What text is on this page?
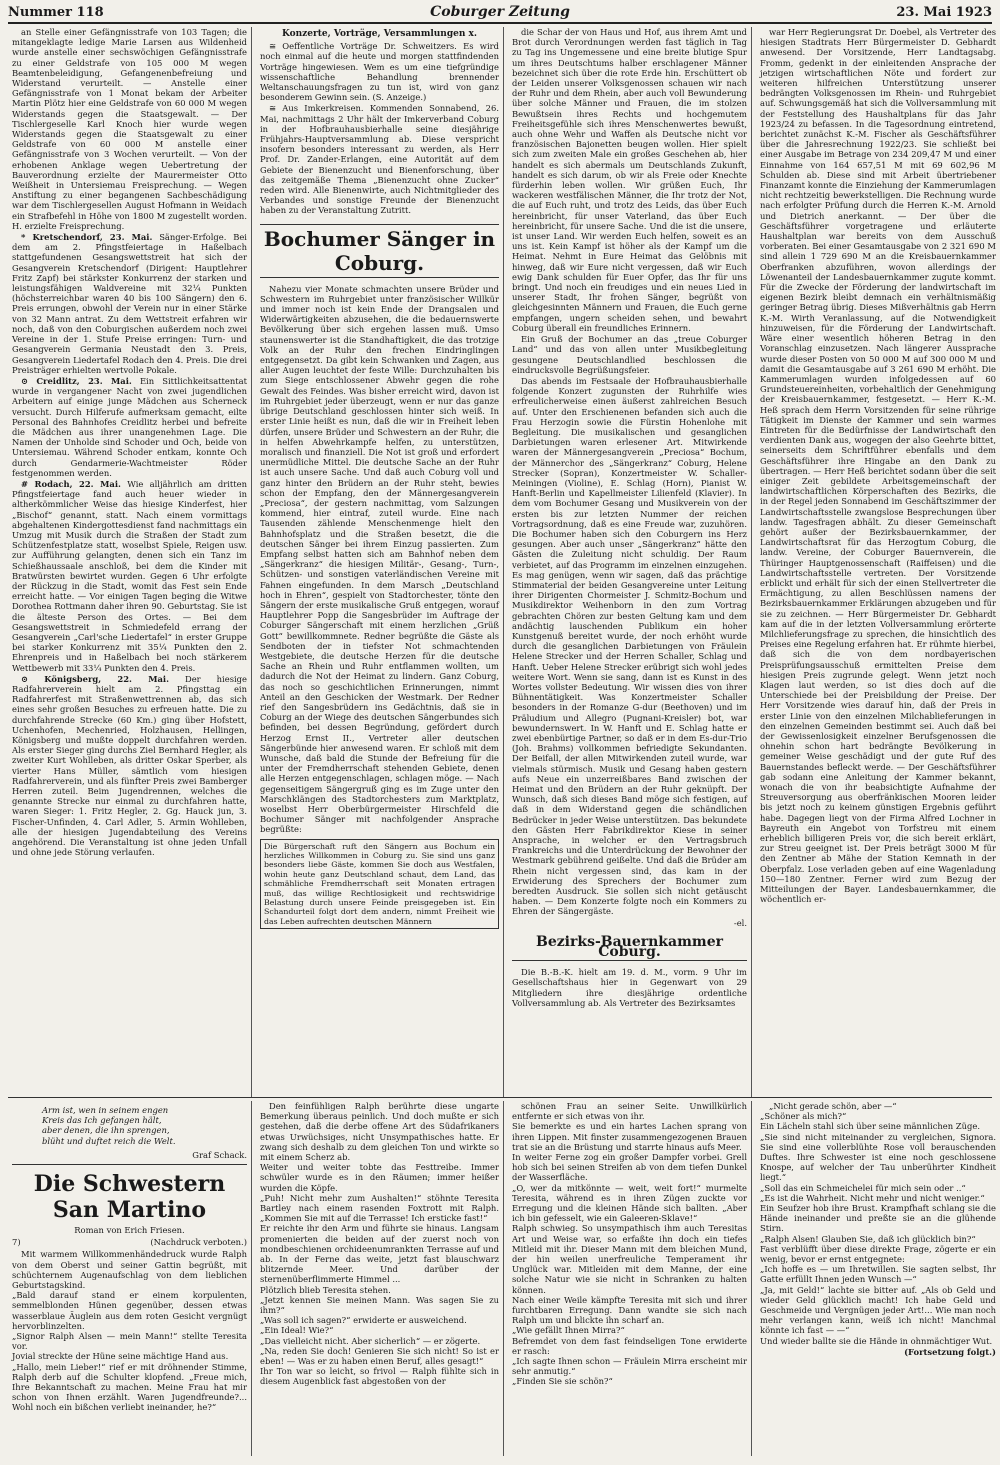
Nummer 118	Coburger Zeitung	23. Mai 1923

an Stelle einer Gefängnisstrafe von 103 Tagen; die mitangeklagte ledige Marie Larsen aus Wildenheid wurde anstelle einer sechswöchigen Gefängnisstrafe zu einer Geldstrafe von 105 000 M wegen Beamtenbeleidigung, Gefangenenbefreiung und Widerstand verurteilt. — Anstelle einer Gefängnisstrafe von 1 Monat bekam der Arbeiter Martin Plötz hier eine Geldstrafe von 60 000 M wegen Widerstands gegen die Staatsgewalt. — Der Tischlergeselle Karl Knoch hier wurde wegen Widerstands gegen die Staatsgewalt zu einer Geldstrafe von 60 000 M anstelle einer Gefängnisstrafe von 3 Wochen verurteilt. — Von der erhobenen Anklage wegen Uebertretung der Bauverordnung erzielte der Maurermeister Otto Weißheit in Untersiemau Freisprechung. — Wegen Anstiftung zu einer begangenen Sachbeschädigung war dem Tischlergesellen August Hofmann in Weidach ein Strafbefehl in Höhe von 1800 M zugestellt worden. H. erzielte Freisprechung.

* Kretschendorf, 23. Mai. Sänger-Erfolge. Bei dem am 2. Pfingstfeiertage in Haßelbach stattgefundenen Gesangswettstreit hat sich der Gesangverein Kretschendorf (Dirigent: Hauptlehrer Fritz Zapf) bei stärkster Konkurrenz der starken und leistungsfähigen Waldvereine mit 32¼ Punkten (höchsterreichbar waren 40 bis 100 Sängern) den 6. Preis errungen, obwohl der Verein nur in einer Stärke von 32 Mann antrat. Zu dem Wettstreit erfahren wir noch, daß von den Coburgischen außerdem noch zwei Vereine in der 1. Stufe Preise erringen: Turn- und Gesangverein Germania Neustadt den 3. Preis, Gesangverein Liedertafel Rodach den 4. Preis. Die drei Preisträger erhielten wertvolle Pokale.

⊙ Creidlitz, 23. Mai. Ein Sittlichkeitsattentat wurde in vergangener Nacht von zwei jugendlichen Arbeitern auf einige junge Mädchen aus Scherneck versucht. Durch Hilferufe aufmerksam gemacht, eilte Personal des Bahnhofes Creidlitz herbei und befreite die Mädchen aus ihrer unangenehmen Lage. Die Namen der Unholde sind Schoder und Och, beide von Untersiemau. Während Schoder entkam, konnte Och durch Gendarmerie-Wachtmeister Röder festgenommen werden.

# Rodach, 22. Mai. Wie alljährlich am dritten Pfingstfeiertage fand auch heuer wieder in altherkömmlicher Weise das hiesige Kinderfest, hier „Bischof“ genannt, statt. Nach einem vormittags abgehaltenen Kindergottesdienst fand nachmittags ein Umzug mit Musik durch die Straßen der Stadt zum Schützenfestplatze statt, woselbst Spiele, Reigen usw. zur Aufführung gelangten, denen sich ein Tanz im Schießhaussaale anschloß, bei dem die Kinder mit Bratwürsten bewirtet wurden. Gegen 6 Uhr erfolgte der Rückzug in die Stadt, womit das Fest sein Ende erreicht hatte. — Vor einigen Tagen beging die Witwe Dorothea Rottmann daher ihren 90. Geburtstag. Sie ist die älteste Person des Ortes. — Bei dem Gesangswettstreit in Schmiedefeld errang der Gesangverein „Carl'sche Liedertafel“ in erster Gruppe bei starker Konkurrenz mit 35¼ Punkten den 2. Ehrenpreis und in Haßelbach bei noch stärkerem Wettbewerb mit 33¼ Punkten den 4. Preis.

⊙ Königsberg, 22. Mai. Der hiesige Radfahrerverein hielt am 2. Pfingsttag ein Radfahrerfest mit Straßenwettrennen ab, das sich eines sehr großen Besuches zu erfreuen hatte. Die zu durchfahrende Strecke (60 Km.) ging über Hofstett, Uchenhofen, Mechenried, Holzhausen, Hellingen, Königsberg und mußte doppelt durchfahren werden. Als erster Sieger ging durchs Ziel Bernhard Hegler, als zweiter Kurt Wohlleben, als dritter Oskar Sperber, als vierter Hans Müller, sämtlich vom hiesigen Radfahrerverein, und als fünfter Preis zwei Bamberger Herren zuteil. Beim Jugendrennen, welches die genannte Strecke nur einmal zu durchfahren hatte, waren Sieger: 1. Fritz Hegler, 2. Gg. Hauck jun, 3. Fischer-Unfinden, 4. Carl Adler, 5. Armin Wohlleben, alle der hiesigen Jugendabteilung des Vereins angehörend. Die Veranstaltung ist ohne jeden Unfall und ohne jede Störung verlaufen.

Konzerte, Vorträge, Versammlungen x.

≅ Oeffentliche Vorträge Dr. Schweitzers. Es wird noch einmal auf die heute und morgen stattfindenden Vorträge hingewiesen. Wem es um eine tiefgründige wissenschaftliche Behandlung brennender Weltanschauungsfragen zu tun ist, wird von ganz besonderem Gewinn sein. (S. Anzeige.)

≅ Aus Imkerkreisen. Kommenden Sonnabend, 26. Mai, nachmittags 2 Uhr hält der Imkerverband Coburg in der Hofbrauhausbierhalle seine diesjährige Frühjahrs-Hauptversammlung ab. Diese verspricht insofern besonders interessant zu werden, als Herr Prof. Dr. Zander-Erlangen, eine Autorität auf dem Gebiete der Bienenzucht und Bienenforschung, über das zeitgemäße Thema „Bienenzucht ohne Zucker“ reden wird. Alle Bienenwirte, auch Nichtmitglieder des Verbandes und sonstige Freunde der Bienenzucht haben zu der Veranstaltung Zutritt.

Bochumer Sänger in Coburg.

Nahezu vier Monate schmachten unsere Brüder und Schwestern im Ruhrgebiet unter französischer Willkür und immer noch ist kein Ende der Drangsalen und Widerwärtigkeiten abzusehen, die die bedauernswerte Bevölkerung über sich ergehen lassen muß. Umso staunenswerter ist die Standhaftigkeit, die das trotzige Volk an der Ruhr den frechen Eindringlingen entgegensetzt. Da gibt kein Schwanken und Zagen, aus aller Augen leuchtet der feste Wille: Durchzuhalten bis zum Siege entschlossener Abwehr gegen die rohe Gewalt des Feindes. Was bisher erreicht wird, davon ist im Ruhrgebiet jeder überzeugt, wenn er nur das ganze übrige Deutschland geschlossen hinter sich weiß. In erster Linie heißt es nun, daß die wir in Freiheit leben dürfen, unsere Brüder und Schwestern an der Ruhr, die in helfen Abwehrkampfe helfen, zu unterstützen, moralisch und finanziell. Die Not ist groß und erfordert unermüdliche Mittel. Die deutsche Sache an der Ruhr ist auch unsere Sache. Und daß auch Coburg voll und ganz hinter den Brüdern an der Ruhr steht, bewies schon der Empfang, den der Männergesangverein „Preciosa“, der gestern nachmittag, vom Salzungen kommend, hier eintraf, zuteil wurde. Eine nach Tausenden zählende Menschenmenge hielt den Bahnhofsplatz und die Straßen besetzt, die die deutschen Sänger bei ihrem Einzug passierten. Zum Empfang selbst hatten sich am Bahnhof neben dem „Sängerkranz“ die hiesigen Militär-, Gesang-, Turn-, Schützen- und sonstigen vaterländischen Vereine mit Fahnen eingefunden. In dem Marsch „Deutschland hoch in Ehren“, gespielt von Stadtorchester, tönte den Sängern der erste musikalische Gruß entgegen, worauf Hauptlehrer Popp die Sangesbrüder im Auftrage der Coburger Sängerschaft mit einem herzlichen „Grüß Gott“ bewillkommnete. Redner begrüßte die Gäste als Sendboten der in tiefster Not schmachtenden Westgebiete, die deutsche Herzen für die deutsche Sache an Rhein und Ruhr entflammen wollten, um dadurch die Not der Heimat zu lindern. Ganz Coburg, das noch so geschichtlichen Erinnerungen, nimmt Anteil an den Geschicken der Westmark. Der Redner rief den Sangesbrüdern ins Gedächtnis, daß sie in Coburg an der Wiege des deutschen Sängerbundes sich befinden, bei dessen Begründung, gefördert durch Herzog Ernst II., Vertreter aller deutschen Sängerbünde hier anwesend waren. Er schloß mit dem Wunsche, daß bald die Stunde der Befreiung für die unter der Fremdherrschaft stehenden Gebiete, denen alle Herzen entgegenschlagen, schlagen möge. — Nach gegenseitigem Sängergruß ging es im Zuge unter den Marschklängen des Stadtorchesters zum Marktplatz, woselbst Herr Oberbürgermeister Hirschfeld die Bochumer Sänger mit nachfolgender Ansprache begrüßte:

Die Bürgerschaft ruft den Sängern aus Bochum ein herzliches Willkommen in Coburg zu. Sie sind uns ganz besonders liebe Gäste, kommen Sie doch aus Westfalen, wohin heute ganz Deutschland schaut, dem Land, das schmähliche Fremdherrschaft seit Monaten ertragen muß, das willige Rechtlosigkeit und rechtswidrige Belastung durch unsere Feinde preisgegeben ist. Ein Schandurteil folgt dort dem andern, nimmt Freiheit wie das Leben aufrechten deutschen Männern

die Schar der von Haus und Hof, aus ihrem Amt und Brot durch Verordnungen werden fast täglich in Tag zu Tag ins Ungemessene und eine breite blutige Spur um ihres Deutschtums halber erschlagener Männer bezeichnet sich über die rote Erde hin. Erschüttert ob der Leiden unserer Volksgenossen schauen wir nach der Ruhr und dem Rhein, aber auch voll Bewunderung über solche Männer und Frauen, die im stolzen Bewußtsein ihres Rechts und hochgemutem Freiheitsgefühle sich ihres Menschenwertes bewußt, auch ohne Wehr und Waffen als Deutsche nicht vor französischen Bajonetten beugen wollen. Hier spielt sich zum zweiten Male ein großes Geschehen ab, hier handelt es sich abermals um Deutschlands Zukunft, handelt es sich darum, ob wir als Freie oder Knechte fürderhin leben wollen. Wir grüßen Euch, Ihr wackeren westfälischen Männer, die Ihr trotz der Not, die auf Euch ruht, und trotz des Leids, das über Euch hereinbricht, für unser Vaterland, das über Euch hereinbricht, für unsere Sache. Und die ist die unsere, ist unser Land. Wir werden Euch helfen, soweit es an uns ist. Kein Kampf ist höher als der Kampf um die Heimat. Nehmt in Eure Heimat das Gelöbnis mit hinweg, daß wir Eure nicht vergessen, daß wir Euch ewig Dank schulden für Euer Opfer, das Ihr für uns bringt. Und noch ein freudiges und ein neues Lied in unserer Stadt, Ihr frohen Sänger, begrüßt von gleichgesinnten Männern und Frauen, die Euch gerne empfangen, ungern scheiden sehen, und bewahrt Coburg überall ein freundliches Erinnern.

Ein Gruß der Bochumer an das „treue Coburger Land“ und das von allen unter Musikbegleitung gesungene Deutschlandlied beschlossen die eindrucksvolle Begrüßungsfeier.

Das abends im Festsaale der Hofbrauhausbierhalle folgende Konzert zugunsten der Ruhrhilfe wies erfreulicherweise einen äußerst zahlreichen Besuch auf. Unter den Erschienenen befanden sich auch die Frau Herzogin sowie die Fürstin Hohenlohe mit Begleitung. Die musikalischen und gesanglichen Darbietungen waren erlesener Art. Mitwirkende waren der Männergesangverein „Preciosa“ Bochum, der Männerchor des „Sängerkranz“ Coburg, Helene Strecker (Sopran), Konzertmeister W. Schaller-Meiningen (Violine), E. Schlag (Horn), Pianist W. Hanft-Berlin und Kapellmeister Lilienfeld (Klavier). In dem vom Bochumer Gesang und Musikverein von der ersten bis zur letzten Nummer der reichen Vortragsordnung, daß es eine Freude war, zuzuhören. Die Bochumer haben sich den Coburgern ins Herz gesungen. Aber auch unser „Sängerkranz“ hätte den Gästen die Zuleitung nicht schuldig. Der Raum verbietet, auf das Programm im einzelnen einzugehen. Es mag genügen, wenn wir sagen, daß das prächtige Stimmaterial der beiden Gesangvereine unter Leitung ihrer Dirigenten Chormeister J. Schmitz-Bochum und Musikdirektor Weihenborn in den zum Vortrag gebrachten Chören zur besten Geltung kam und dem andächtig lauschenden Publikum ein hoher Kunstgenuß bereitet wurde, der noch erhöht wurde durch die gesanglichen Darbietungen von Fräulein Helene Strecker und der Herren Schaller, Schlag und Hanft. Ueber Helene Strecker erübrigt sich wohl jedes weitere Wort. Wenn sie sang, dann ist es Kunst in des Wortes vollster Bedeutung. Wir wissen dies von ihrer Bühnentätigkeit. Was Konzertmeister Schaller besonders in der Romanze G-dur (Beethoven) und im Präludium und Allegro (Pugnani-Kreisler) bot, war bewundernswert. In W. Hanft und E. Schlag hatte er zwei ebenbürtige Partner, so daß er in dem Es-dur-Trio (Joh. Brahms) vollkommen befriedigte Sekundanten. Der Beifall, der allen Mitwirkenden zuteil wurde, war vielmals stürmisch. Musik und Gesang haben gestern aufs Neue ein unzerreißbares Band zwischen der Heimat und den Brüdern an der Ruhr geknüpft. Der Wunsch, daß sich dieses Band möge sich festigen, auf daß in dem Widerstand gegen die schändlichen Bedrücker in jeder Weise unterstützen. Das bekundete den Gästen Herr Fabrikdirektor Kiese in seiner Ansprache, in welcher er den Vertragsbruch Frankreichs und die Unterdrückung der Bewohner der Westmark gebührend geißelte. Und daß die Brüder am Rhein nicht vergessen sind, das kam in der Erwiderung des Sprechers der Bochumer zum beredten Ausdruck. Sie sollen sich nicht getäuscht haben. — Dem Konzerte folgte noch ein Kommers zu Ehren der Sängergäste.

-el.
Bezirks-Bauernkammer Coburg.

Die B.-B.-K. hielt am 19. d. M., vorm. 9 Uhr im Gesellschaftshaus hier in Gegenwart von 29 Mitgliedern ihre diesjährige ordentliche Vollversammlung ab. Als Vertreter des Bezirksamtes

war Herr Regierungsrat Dr. Doebel, als Vertreter des hiesigen Stadtrats Herr Bürgermeister D. Gebhardt anwesend. Der Vorsitzende, Herr Landtagsabg. Fromm, gedenkt in der einleitenden Ansprache der jetzigen wirtschaftlichen Nöte und fordert zur weiteren hilfreichen Unterstützung unserer bedrängten Volksgenossen im Rhein- und Ruhrgebiet auf. Schwungsgemäß hat sich die Vollversammlung mit der Feststellung des Haushaltplans für das Jahr 1923/24 zu befassen. In die Tagesordnung eintretend, berichtet zunächst K.-M. Fischer als Geschäftsführer über die Jahresrechnung 1922/23. Sie schließt bei einer Ausgabe im Betrage von 234 209,47 M und einer Einnahme von 164 657,51 M mit 69 602,96 M Schulden ab. Diese sind mit Arbeit übertriebener Finanzamt konnte die Einziehung der Kammerumlagen nicht rechtzeitig bewerkstelligen. Die Rechnung wurde nach erfolgter Prüfung durch die Herren K.-M. Arnold und Dietrich anerkannt. — Der über die Geschäftsführer vorgetragene und erläuterte Haushaltplan war bereits von dem Ausschuß vorberaten. Bei einer Gesamtausgabe von 2 321 690 M sind allein 1 729 690 M an die Kreisbauernkammer Oberfranken abzuführen, wovon allerdings der Löwenanteil der Landesbauernkammer zugute kommt. Für die Zwecke der Förderung der landwirtschaft im eigenen Bezirk bleibt demnach ein verhältnismäßig geringer Betrag übrig. Dieses Mißverhältnis gab Herrn K.-M. Wirth Veranlassung, auf die Notwendigkeit hinzuweisen, für die Förderung der Landwirtschaft. Wäre einer wesentlich höheren Betrag in den Voranschlag einzusetzen. Nach längerer Aussprache wurde dieser Posten von 50 000 M auf 300 000 M und damit die Gesamtausgabe auf 3 261 690 M erhöht. Die Kammerumlagen wurden infolgedessen auf 60 Grundsteuereinheiten, vorbehaltlich der Genehmigung der Kreisbauernkammer, festgesetzt. — Herr K.-M. Heß sprach dem Herrn Vorsitzenden für seine rührige Tätigkeit im Dienste der Kammer und sein warmes Eintreten für die Bedürfnisse der Landwirtschaft den verdienten Dank aus, wogegen der also Geehrte bittet, seinerseits dem Schriftführer ebenfalls und dem Geschäftsführer ihre Hingabe an den Dank zu übertragen. — Herr Heß berichtet sodann über die seit einiger Zeit gebildete Arbeitsgemeinschaft der landwirtschaftlichen Körperschaften des Bezirks, die in der Regel jeden Sonnabend im Geschäftszimmer der Landwirtschaftsstelle zwangslose Besprechungen über landw. Tagesfragen abhält. Zu dieser Gemeinschaft gehört außer der Bezirksbauernkammer, der Landwirtschaftsrat für das Herzogtum Coburg, die landw. Vereine, der Coburger Bauernverein, die Thüringer Hauptgenossenschaft (Raiffeisen) und die Landwirtschaftsstelle vertreten. Der Vorsitzende erblickt und erhält für sich der einen Stellvertreter die Ermächtigung, zu allen Beschlüssen namens der Bezirksbauernkammer Erklärungen abzugeben und für sie zu zeichnen. — Herr Bürgermeister Dr. Gebhardt kam auf die in der letzten Vollversammlung erörterte Milchlieferungsfrage zu sprechen, die hinsichtlich des Preises eine Regelung erfahren hat. Er rühmte hierbei, daß sich die von dem nordbayerischen Preisprüfungsausschuß ermittelten Preise dem hiesigen Preis zugrunde gelegt. Wenn jetzt noch Klagen laut werden, so ist dies doch auf die Unterschiede bei der Preisbildung der Preise. Der Herr Vorsitzende wies darauf hin, daß der Preis in erster Linie von den einzelnen Milchablieferungen in den einzelnen Gemeinden bestimmt sei. Auch daß bei der Gewissenlosigkeit einzelner Berufsgenossen die ohnehin schon hart bedrängte Bevölkerung in gemeiner Weise geschädigt und der gute Ruf des Bauernstandes befleckt werde. — Der Geschäftsführer gab sodann eine Anleitung der Kammer bekannt, wonach die von ihr beabsichtigte Aufnahme der Streuversorgung aus oberfränkischen Mooren leider bis jetzt noch zu keinem günstigen Ergebnis geführt habe. Dagegen liegt von der Firma Alfred Lochner in Bayreuth ein Angebot von Torfstreu mit einem erheblich billigeren Preis vor, die sich bereit erklärt, zur Streu geeignet ist. Der Preis beträgt 3000 M für den Zentner ab Mähe der Station Kemnath in der Oberpfalz. Lose verladen geben auf eine Wagenladung 150—180 Zentner. Ferner wird zum Bezug der Mitteilungen der Bayer. Landesbauernkammer, die wöchentlich er-

Arm ist, wen in seinem engen
Kreis das Ich gefangen hält,
aber denen, die ihn sprengen,
blüht und duftet reich die Welt.
Graf Schack.
Die Schwestern San Martino
Roman von Erich Friesen.
7)	(Nachdruck verboten.)

Mit warmem Willkommenhändedruck wurde Ralph von dem Oberst und seiner Gattin begrüßt, mit schüchternem Augenaufschlag von dem lieblichen Geburtstagskind.
„Bald darauf stand er einem korpulenten, semmelblonden Hünen gegenüber, dessen etwas wasserblaue Äuglein aus dem roten Gesicht vergnügt hervorblinzelten.
„Signor Ralph Alsen — mein Mann!“ stellte Teresita vor.
Jovial streckte der Hüne seine mächtige Hand aus.
„Hallo, mein Lieber!“ rief er mit dröhnender Stimme, Ralph derb auf die Schulter klopfend. „Freue mich, Ihre Bekanntschaft zu machen. Meine Frau hat mir schon von Ihnen erzählt. Waren Jugendfreunde?... Wohl noch ein bißchen verliebt ineinander, he?“

Den feinfühligen Ralph berührte diese ungarte Bemerkung überaus peinlich. Und doch mußte er sich gestehen, daß die derbe offene Art des Südafrikaners etwas Urwüchsiges, nicht Unsympathisches hatte. Er zwang sich deshalb zu dem gleichen Ton und wirkte so mit einem Scherz ab.
Weiter und weiter tobte das Festtreibe. Immer schwüler wurde es in den Räumen; immer heißer wurden die Köpfe.
„Puh! Nicht mehr zum Aushalten!“ stöhnte Teresita Bartley nach einem rasenden Foxtrott mit Ralph. „Kommen Sie mit auf die Terrasse! Ich ersticke fast!“
Er reichte ihr den Arm und führte sie hinaus. Langsam promenierten die beiden auf der zuerst noch von mondbeschienen orchideenumrankten Terrasse auf und ab. In der Ferne das weite, jetzt fast blauschwarz blitzernde Meer. Und darüber der sternenüberflimmerte Himmel ...
Plötzlich blieb Teresita stehen.
„Jetzt kennen Sie meinen Mann. Was sagen Sie zu ihm?“
„Was soll ich sagen?“ erwiderte er ausweichend.
„Ein Ideal! Wie?“
„Das vielleicht nicht. Aber sicherlich“ — er zögerte.
„Na, reden Sie doch! Genieren Sie sich nicht! So ist er eben! — Was er zu haben einen Beruf, alles gesagt!“
Ihr Ton war so leicht, so frivol — Ralph fühlte sich in diesem Augenblick fast abgestoßen von der

schönen Frau an seiner Seite. Unwillkürlich entfernte er sich etwas von ihr.
Sie bemerkte es und ein hartes Lachen sprang von ihren Lippen. Mit finster zusammengezogenen Brauen trat sie an die Brüstung und starrte hinaus aufs Meer.
In weiter Ferne zog ein großer Dampfer vorbei. Grell hob sich bei seinen Streifen ab von dem tiefen Dunkel der Wasserfläche.
„O, wer da mitkönnte — weit, weit fort!“ murmelte Teresita, während es in ihren Zügen zuckte vor Erregung und die kleinen Hände sich ballten. „Aber ich bin gefesselt, wie ein Galeeren-Sklave!“
Ralph schwieg. So unsympathisch ihm auch Teresitas Art und Weise war, so erfaßte ihn doch ein tiefes Mitleid mit ihr. Dieser Mann mit dem bleichen Mund, der hin weilen unerfreuliche Temperament ihr Unglück war. Mitleiden mit dem Manne, der eine solche Natur wie sie nicht in Schranken zu halten können.
Nach einer Weile kämpfte Teresita mit sich und ihrer furchtbaren Erregung. Dann wandte sie sich nach Ralph um und blickte ihn scharf an.
„Wie gefällt Ihnen Mirra?“
Befremdet von dem fast feindseligen Tone erwiderte er rasch:
„Ich sagte Ihnen schon — Fräulein Mirra erscheint mir sehr anmutig.“
„Finden Sie sie schön?“

„Nicht gerade schön, aber —“
„Schöner als mich?“
Ein Lächeln stahl sich über seine männlichen Züge.
„Sie sind nicht miteinander zu vergleichen, Signora. Sie sind eine vollerblühte Rose voll berauschenden Duftes. Ihre Schwester ist eine noch geschlossene Knospe, auf welcher der Tau unberührter Kindheit liegt.“
„Soll das ein Schmeichelei für mich sein oder ..“
„Es ist die Wahrheit. Nicht mehr und nicht weniger.“
Ein Seufzer hob ihre Brust. Krampfhaft schlang sie die Hände ineinander und preßte sie an die glühende Stirn.
„Ralph Alsen! Glauben Sie, daß ich glücklich bin?“
Fast verblüfft über diese direkte Frage, zögerte er ein wenig, bevor er ernst entgegnete:
„Ich hoffe es — um Ihretwillen. Sie sagten selbst, Ihr Gatte erfüllt Ihnen jeden Wunsch —“
„Ja, mit Geld!“ lachte sie bitter auf. „Als ob Geld und wieder Geld glücklich macht! Ich habe Geld und Geschmeide und Vergnügen jeder Art!... Wie man noch mehr verlangen kann, weiß ich nicht! Manchmal könnte ich fast — —“
Und wieder ballte sie die Hände in ohnmächtiger Wut.

(Fortsetzung folgt.)
